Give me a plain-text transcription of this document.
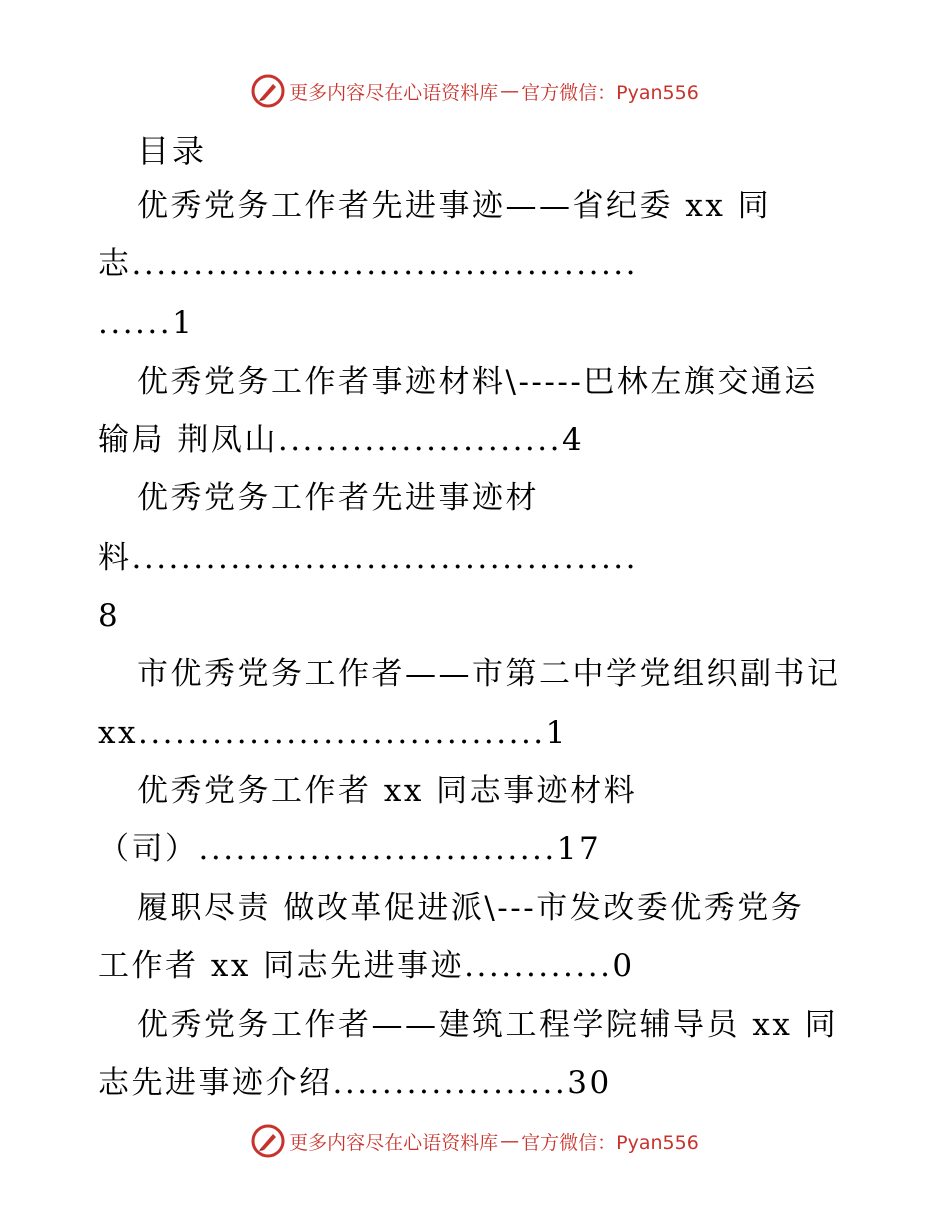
更多内容尽在心语资料库 — 官方微信：Pyan556
目录
优秀党务工作者先进事迹——省纪委 xx 同
志.........................................
......1
优秀党务工作者事迹材料\-----巴林左旗交通运
输局 荆凤山.......................4
优秀党务工作者先进事迹材
料.........................................
8
市优秀党务工作者——市第二中学党组织副书记
xx.................................1
优秀党务工作者 xx 同志事迹材料
（司）.............................17
履职尽责 做改革促进派\---市发改委优秀党务
工作者 xx 同志先进事迹............0
优秀党务工作者——建筑工程学院辅导员 xx 同
志先进事迹介绍...................30
更多内容尽在心语资料库 — 官方微信：Pyan556
